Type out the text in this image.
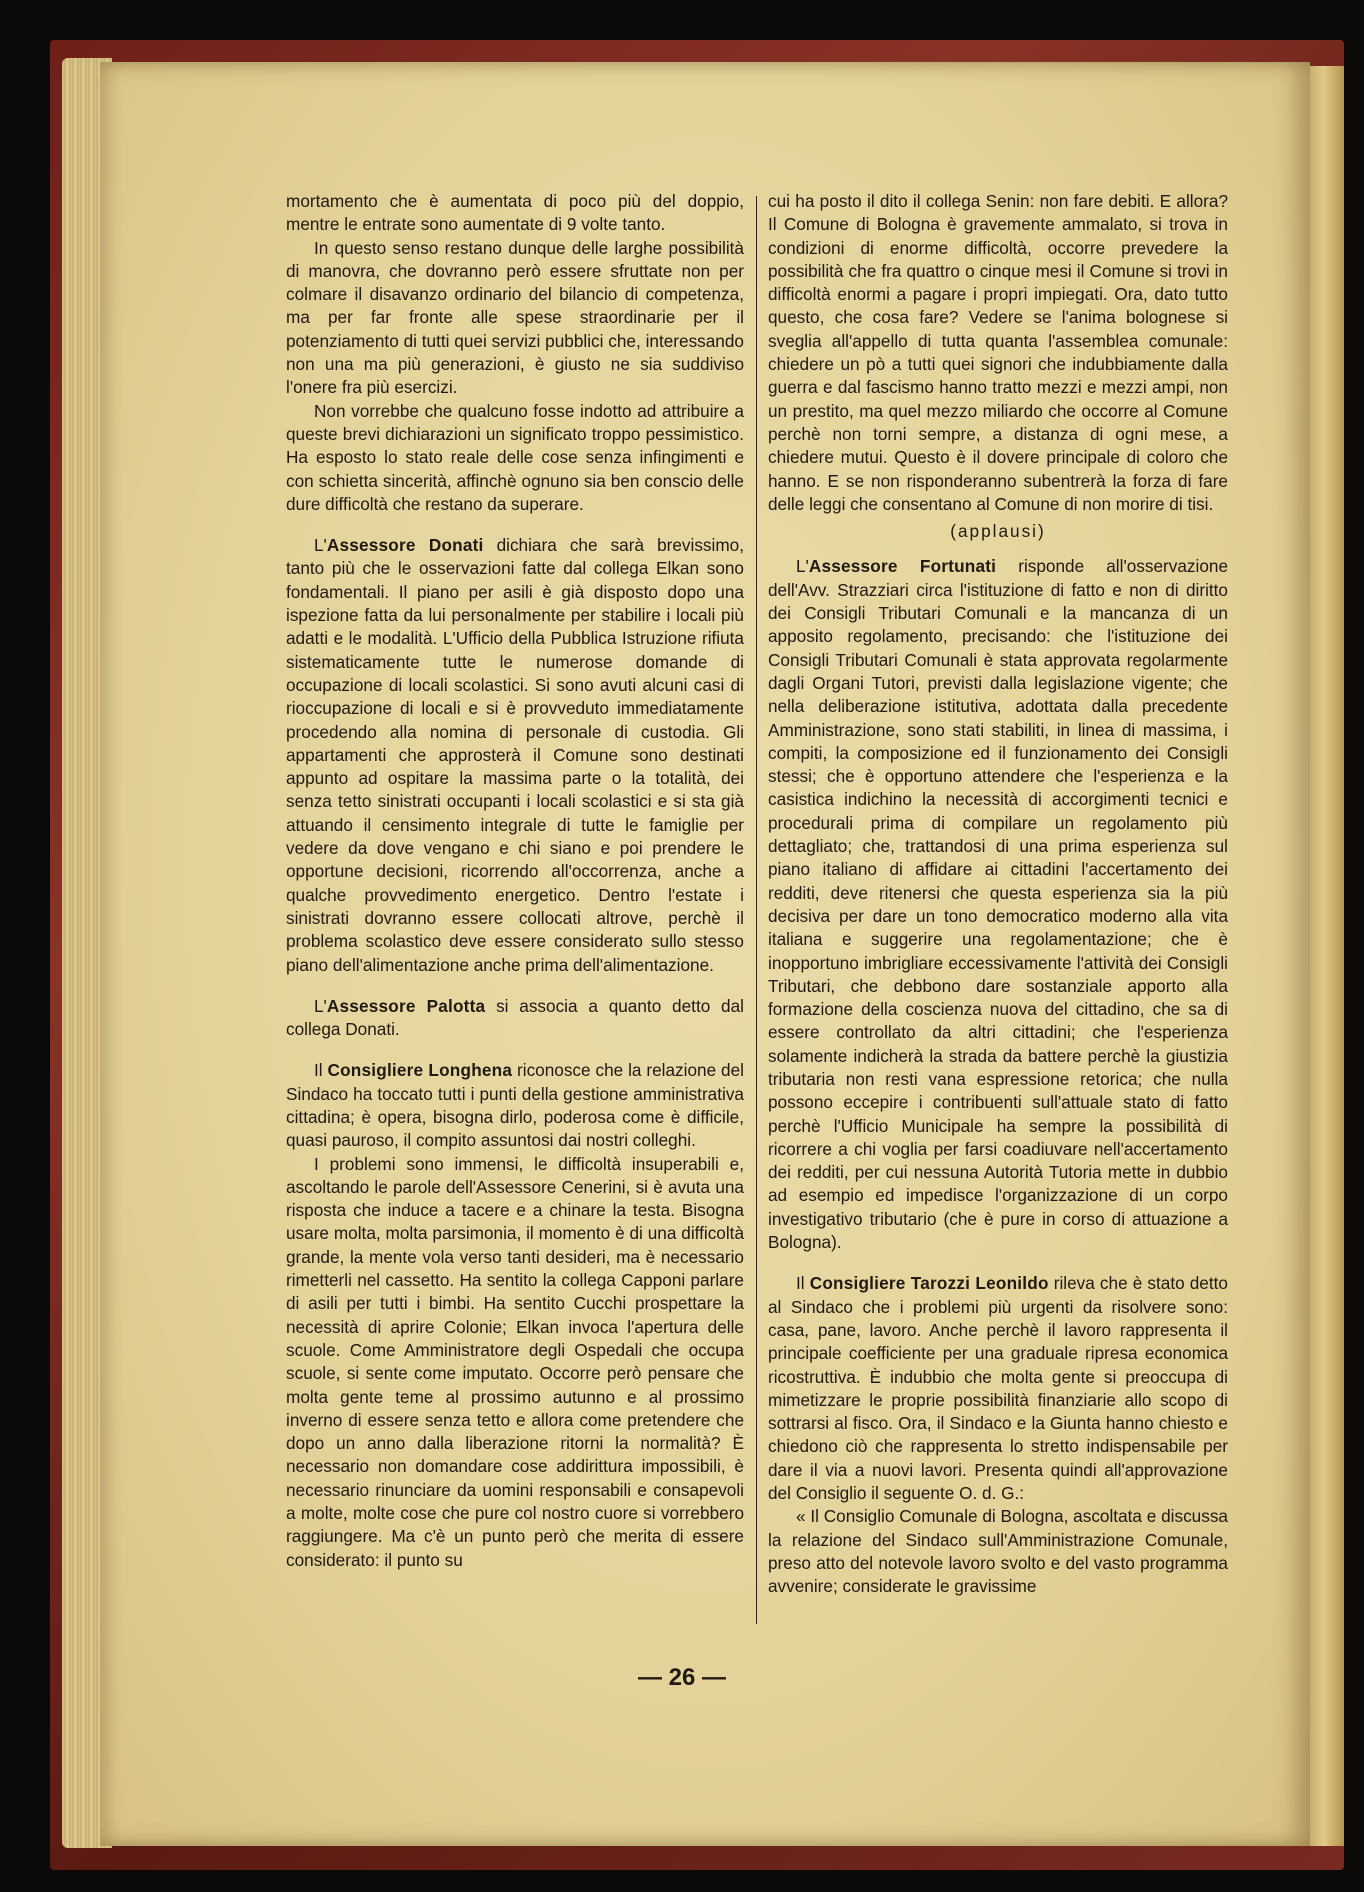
mortamento che è aumentata di poco più del doppio, mentre le entrate sono aumentate di 9 volte tanto.

In questo senso restano dunque delle larghe possibilità di manovra, che dovranno però essere sfruttate non per colmare il disavanzo ordinario del bilancio di competenza, ma per far fronte alle spese straordinarie per il potenziamento di tutti quei servizi pubblici che, interessando non una ma più generazioni, è giusto ne sia suddiviso l'onere fra più esercizi.

Non vorrebbe che qualcuno fosse indotto ad attribuire a queste brevi dichiarazioni un significato troppo pessimistico. Ha esposto lo stato reale delle cose senza infingimenti e con schietta sincerità, affinchè ognuno sia ben conscio delle dure difficoltà che restano da superare.

L'Assessore Donati dichiara che sarà brevissimo, tanto più che le osservazioni fatte dal collega Elkan sono fondamentali. Il piano per asili è già disposto dopo una ispezione fatta da lui personalmente per stabilire i locali più adatti e le modalità. L'Ufficio della Pubblica Istruzione rifiuta sistematicamente tutte le numerose domande di occupazione di locali scolastici. Si sono avuti alcuni casi di rioccupazione di locali e si è provveduto immediatamente procedendo alla nomina di personale di custodia. Gli appartamenti che approsterà il Comune sono destinati appunto ad ospitare la massima parte o la totalità, dei senza tetto sinistrati occupanti i locali scolastici e si sta già attuando il censimento integrale di tutte le famiglie per vedere da dove vengano e chi siano e poi prendere le opportune decisioni, ricorrendo all'occorrenza, anche a qualche provvedimento energetico. Dentro l'estate i sinistrati dovranno essere collocati altrove, perchè il problema scolastico deve essere considerato sullo stesso piano dell'alimentazione anche prima dell'alimentazione.

L'Assessore Palotta si associa a quanto detto dal collega Donati.

Il Consigliere Longhena riconosce che la relazione del Sindaco ha toccato tutti i punti della gestione amministrativa cittadina; è opera, bisogna dirlo, poderosa come è difficile, quasi pauroso, il compito assuntosi dai nostri colleghi.

I problemi sono immensi, le difficoltà insuperabili e, ascoltando le parole dell'Assessore Cenerini, si è avuta una risposta che induce a tacere e a chinare la testa. Bisogna usare molta, molta parsimonia, il momento è di una difficoltà grande, la mente vola verso tanti desideri, ma è necessario rimetterli nel cassetto. Ha sentito la collega Capponi parlare di asili per tutti i bimbi. Ha sentito Cucchi prospettare la necessità di aprire Colonie; Elkan invoca l'apertura delle scuole. Come Amministratore degli Ospedali che occupa scuole, si sente come imputato. Occorre però pensare che molta gente teme al prossimo autunno e al prossimo inverno di essere senza tetto e allora come pretendere che dopo un anno dalla liberazione ritorni la normalità? È necessario non domandare cose addirittura impossibili, è necessario rinunciare da uomini responsabili e consapevoli a molte, molte cose che pure col nostro cuore si vorrebbero raggiungere. Ma c'è un punto però che merita di essere considerato: il punto su

cui ha posto il dito il collega Senin: non fare debiti. E allora? Il Comune di Bologna è gravemente ammalato, si trova in condizioni di enorme difficoltà, occorre prevedere la possibilità che fra quattro o cinque mesi il Comune si trovi in difficoltà enormi a pagare i propri impiegati. Ora, dato tutto questo, che cosa fare? Vedere se l'anima bolognese si sveglia all'appello di tutta quanta l'assemblea comunale: chiedere un pò a tutti quei signori che indubbiamente dalla guerra e dal fascismo hanno tratto mezzi e mezzi ampi, non un prestito, ma quel mezzo miliardo che occorre al Comune perchè non torni sempre, a distanza di ogni mese, a chiedere mutui. Questo è il dovere principale di coloro che hanno. E se non risponderanno subentrerà la forza di fare delle leggi che consentano al Comune di non morire di tisi.

(applausi)

L'Assessore Fortunati risponde all'osservazione dell'Avv. Strazziari circa l'istituzione di fatto e non di diritto dei Consigli Tributari Comunali e la mancanza di un apposito regolamento, precisando: che l'istituzione dei Consigli Tributari Comunali è stata approvata regolarmente dagli Organi Tutori, previsti dalla legislazione vigente; che nella deliberazione istitutiva, adottata dalla precedente Amministrazione, sono stati stabiliti, in linea di massima, i compiti, la composizione ed il funzionamento dei Consigli stessi; che è opportuno attendere che l'esperienza e la casistica indichino la necessità di accorgimenti tecnici e procedurali prima di compilare un regolamento più dettagliato; che, trattandosi di una prima esperienza sul piano italiano di affidare ai cittadini l'accertamento dei redditi, deve ritenersi che questa esperienza sia la più decisiva per dare un tono democratico moderno alla vita italiana e suggerire una regolamentazione; che è inopportuno imbrigliare eccessivamente l'attività dei Consigli Tributari, che debbono dare sostanziale apporto alla formazione della coscienza nuova del cittadino, che sa di essere controllato da altri cittadini; che l'esperienza solamente indicherà la strada da battere perchè la giustizia tributaria non resti vana espressione retorica; che nulla possono eccepire i contribuenti sull'attuale stato di fatto perchè l'Ufficio Municipale ha sempre la possibilità di ricorrere a chi voglia per farsi coadiuvare nell'accertamento dei redditi, per cui nessuna Autorità Tutoria mette in dubbio ad esempio ed impedisce l'organizzazione di un corpo investigativo tributario (che è pure in corso di attuazione a Bologna).

Il Consigliere Tarozzi Leonildo rileva che è stato detto al Sindaco che i problemi più urgenti da risolvere sono: casa, pane, lavoro. Anche perchè il lavoro rappresenta il principale coefficiente per una graduale ripresa economica ricostruttiva. È indubbio che molta gente si preoccupa di mimetizzare le proprie possibilità finanziarie allo scopo di sottrarsi al fisco. Ora, il Sindaco e la Giunta hanno chiesto e chiedono ciò che rappresenta lo stretto indispensabile per dare il via a nuovi lavori. Presenta quindi all'approvazione del Consiglio il seguente O. d. G.:

« Il Consiglio Comunale di Bologna, ascoltata e discussa la relazione del Sindaco sull'Amministrazione Comunale, preso atto del notevole lavoro svolto e del vasto programma avvenire; considerate le gravissime

— 26 —
